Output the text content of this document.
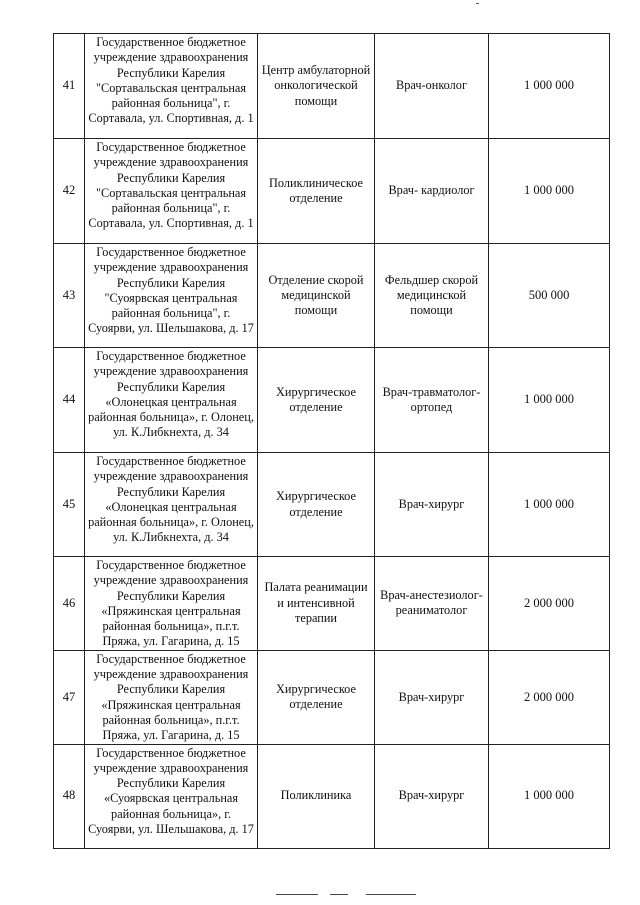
41	Государственное бюджетное учреждение здравоохранения Республики Карелия "Сортавальская центральная районная больница", г. Сортавала, ул. Спортивная, д. 1	Центр амбулаторной онкологической помощи	Врач-онколог	1 000 000
42	Государственное бюджетное учреждение здравоохранения Республики Карелия "Сортавальская центральная районная больница", г. Сортавала, ул. Спортивная, д. 1	Поликлиническое отделение	Врач- кардиолог	1 000 000
43	Государственное бюджетное учреждение здравоохранения Республики Карелия "Суоярвская центральная районная больница", г. Суоярви, ул. Шельшакова, д. 17	Отделение скорой медицинской помощи	Фельдшер скорой медицинской помощи	500 000
44	Государственное бюджетное учреждение здравоохранения Республики Карелия «Олонецкая центральная районная больница», г. Олонец, ул. К.Либкнехта, д. 34	Хирургическое отделение	Врач-травматолог-ортопед	1 000 000
45	Государственное бюджетное учреждение здравоохранения Республики Карелия «Олонецкая центральная районная больница», г. Олонец, ул. К.Либкнехта, д. 34	Хирургическое отделение	Врач-хирург	1 000 000
46	Государственное бюджетное учреждение здравоохранения Республики Карелия «Пряжинская центральная районная больница», п.г.т. Пряжа, ул. Гагарина, д. 15	Палата реанимации и интенсивной терапии	Врач-анестезиолог-реаниматолог	2 000 000
47	Государственное бюджетное учреждение здравоохранения Республики Карелия «Пряжинская центральная районная больница», п.г.т. Пряжа, ул. Гагарина, д. 15	Хирургическое отделение	Врач-хирург	2 000 000
48	Государственное бюджетное учреждение здравоохранения Республики Карелия «Суоярвская центральная районная больница», г. Суоярви, ул. Шельшакова, д. 17	Поликлиника	Врач-хирург	1 000 000
